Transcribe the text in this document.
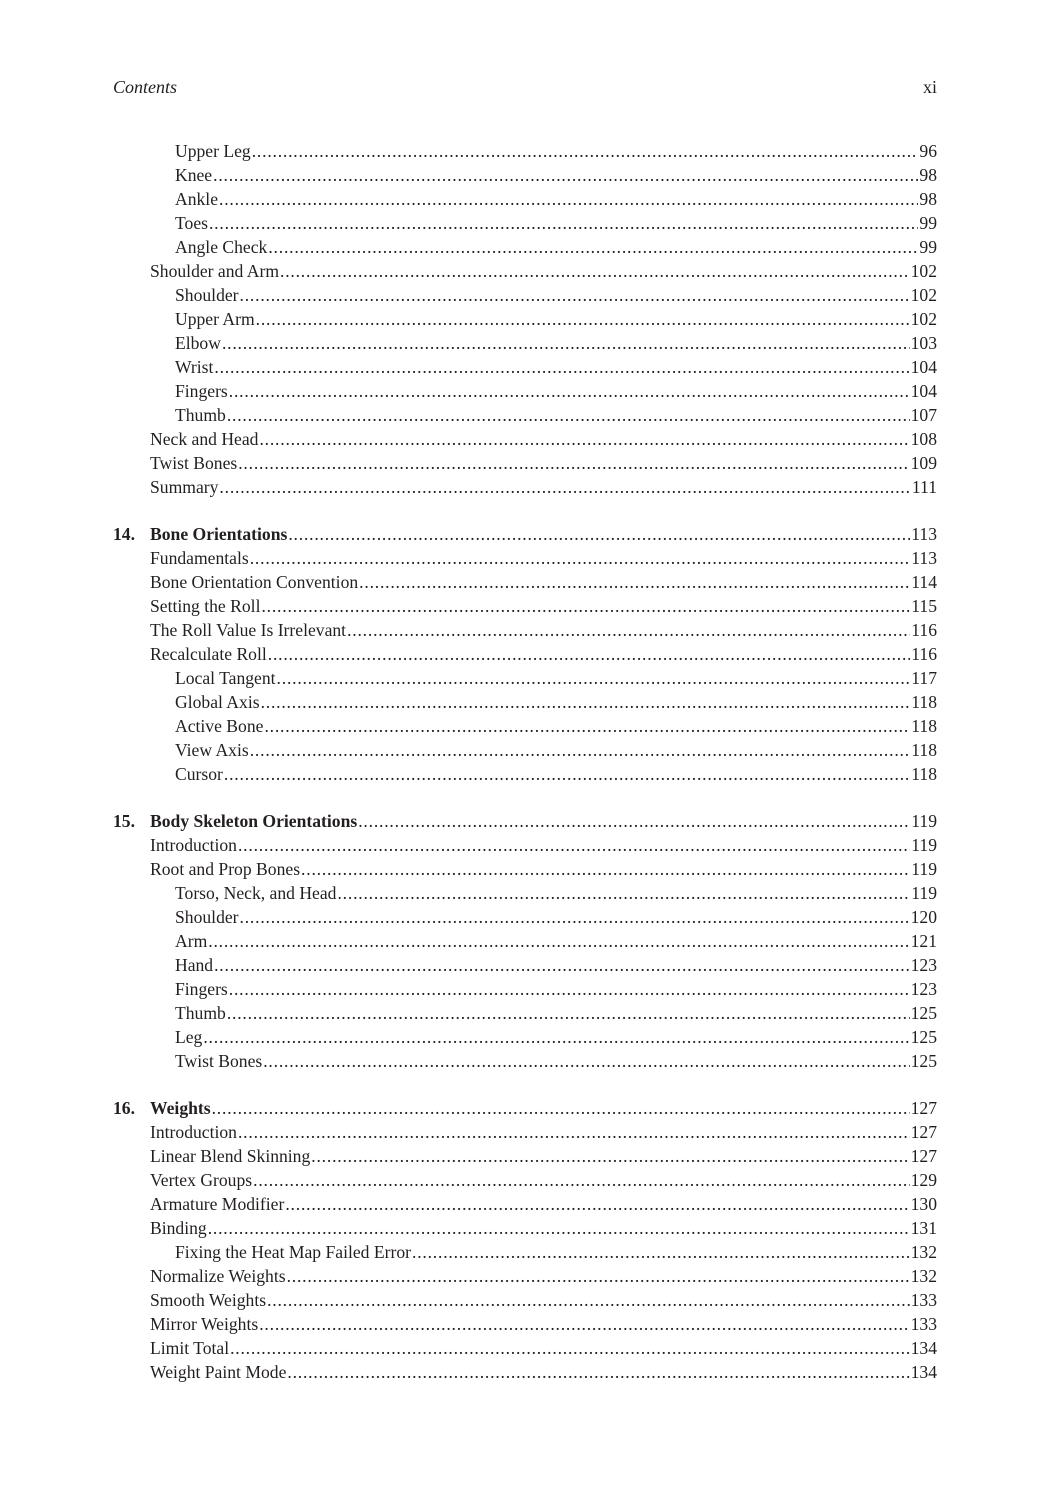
Contents	xi
Upper Leg .....	96
Knee .....	98
Ankle .....	98
Toes .....	99
Angle Check .....	99
Shoulder and Arm .....	102
Shoulder .....	102
Upper Arm .....	102
Elbow .....	103
Wrist .....	104
Fingers .....	104
Thumb .....	107
Neck and Head .....	108
Twist Bones .....	109
Summary .....	111
14. Bone Orientations .....	113
Fundamentals .....	113
Bone Orientation Convention .....	114
Setting the Roll .....	115
The Roll Value Is Irrelevant .....	116
Recalculate Roll .....	116
Local Tangent .....	117
Global Axis .....	118
Active Bone .....	118
View Axis .....	118
Cursor .....	118
15. Body Skeleton Orientations .....	119
Introduction .....	119
Root and Prop Bones .....	119
Torso, Neck, and Head .....	119
Shoulder .....	120
Arm .....	121
Hand .....	123
Fingers .....	123
Thumb .....	125
Leg .....	125
Twist Bones .....	125
16. Weights .....	127
Introduction .....	127
Linear Blend Skinning .....	127
Vertex Groups .....	129
Armature Modifier .....	130
Binding .....	131
Fixing the Heat Map Failed Error .....	132
Normalize Weights .....	132
Smooth Weights .....	133
Mirror Weights .....	133
Limit Total .....	134
Weight Paint Mode .....	134
